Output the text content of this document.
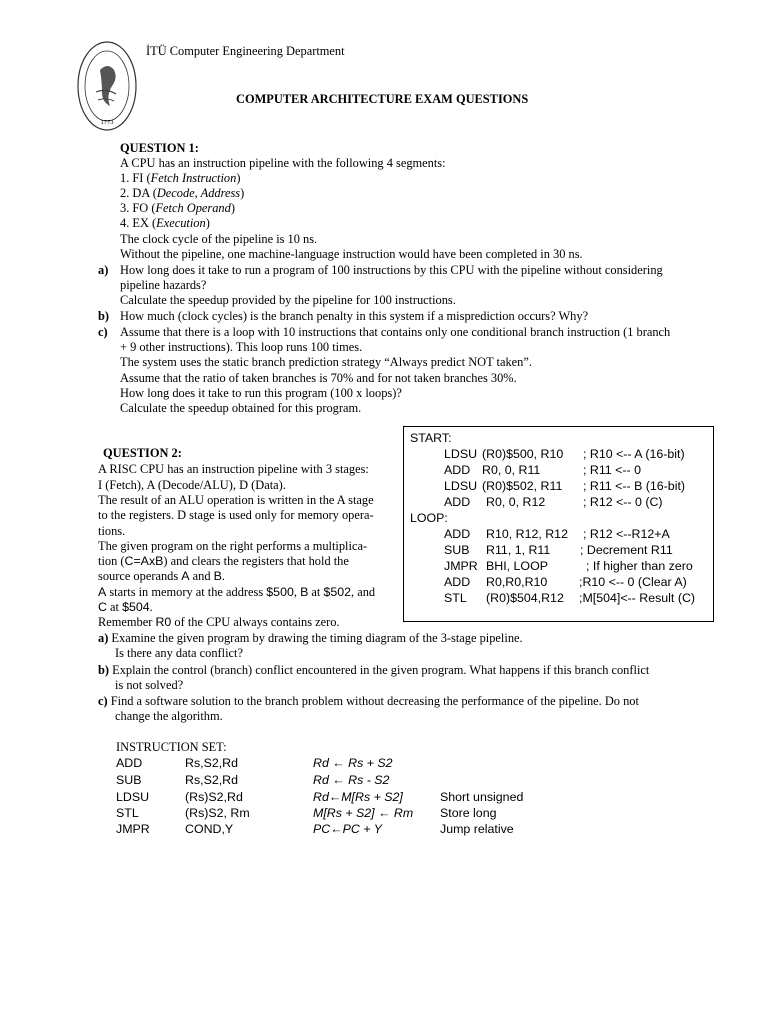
1773
İTÜ Computer Engineering Department
COMPUTER ARCHITECTURE EXAM QUESTIONS
QUESTION 1:
A CPU has an instruction pipeline with the following 4 segments:
1. FI (Fetch Instruction)
2. DA (Decode, Address)
3. FO (Fetch Operand)
4. EX (Execution)
The clock cycle of the pipeline is 10 ns.
Without the pipeline, one machine-language instruction would have been completed in 30 ns.
a) How long does it take to run a program of 100 instructions by this CPU with the pipeline without considering
pipeline hazards?
Calculate the speedup provided by the pipeline for 100 instructions.
b) How much (clock cycles) is the branch penalty in this system if a misprediction occurs? Why?
c) Assume that there is a loop with 10 instructions that contains only one conditional branch instruction (1 branch
+ 9 other instructions). This loop runs 100 times.
The system uses the static branch prediction strategy “Always predict NOT taken”.
Assume that the ratio of taken branches is 70% and for not taken branches 30%.
How long does it take to run this program (100 x loops)?
Calculate the speedup obtained for this program.
QUESTION 2:
A RISC CPU has an instruction pipeline with 3 stages:
I (Fetch), A (Decode/ALU), D (Data).
The result of an ALU operation is written in the A stage
to the registers. D stage is used only for memory opera-
tions.
The given program on the right performs a multiplica-
tion (C=AxB) and clears the registers that hold the
source operands A and B.
A starts in memory at the address $500, B at $502, and
C at $504.
Remember R0 of the CPU always contains zero.
a) Examine the given program by drawing the timing diagram of the 3-stage pipeline.
Is there any data conflict?
b) Explain the control (branch) conflict encountered in the given program. What happens if this branch conflict
is not solved?
c) Find a software solution to the branch problem without decreasing the performance of the pipeline. Do not
change the algorithm.
START:
LDSU (R0)$500, R10 ; R10 <-- A (16-bit)
ADD R0, 0, R11	; R11 <-- 0
LDSU (R0)$502, R11 ; R11 <-- B (16-bit)
ADD R0, 0, R12	; R12 <-- 0 (C)
LOOP:
ADD R10, R12, R12 ; R12 <--R12+A
SUB R11, 1, R11 ; Decrement R11
JMPR BHI, LOOP	; If higher than zero
ADD R0,R0,R10	;R10 <-- 0 (Clear A)
STL (R0)$504,R12 ;M[504]<-- Result (C)
INSTRUCTION SET:
ADD	Rs,S2,Rd	Rd ← Rs + S2
SUB	Rs,S2,Rd	Rd ← Rs - S2
LDSU	(Rs)S2,Rd	Rd←M[Rs + S2]	Short unsigned
STL	(Rs)S2, Rm	M[Rs + S2] ← Rm Store long
JMPR	COND,Y	PC←PC + Y	Jump relative
